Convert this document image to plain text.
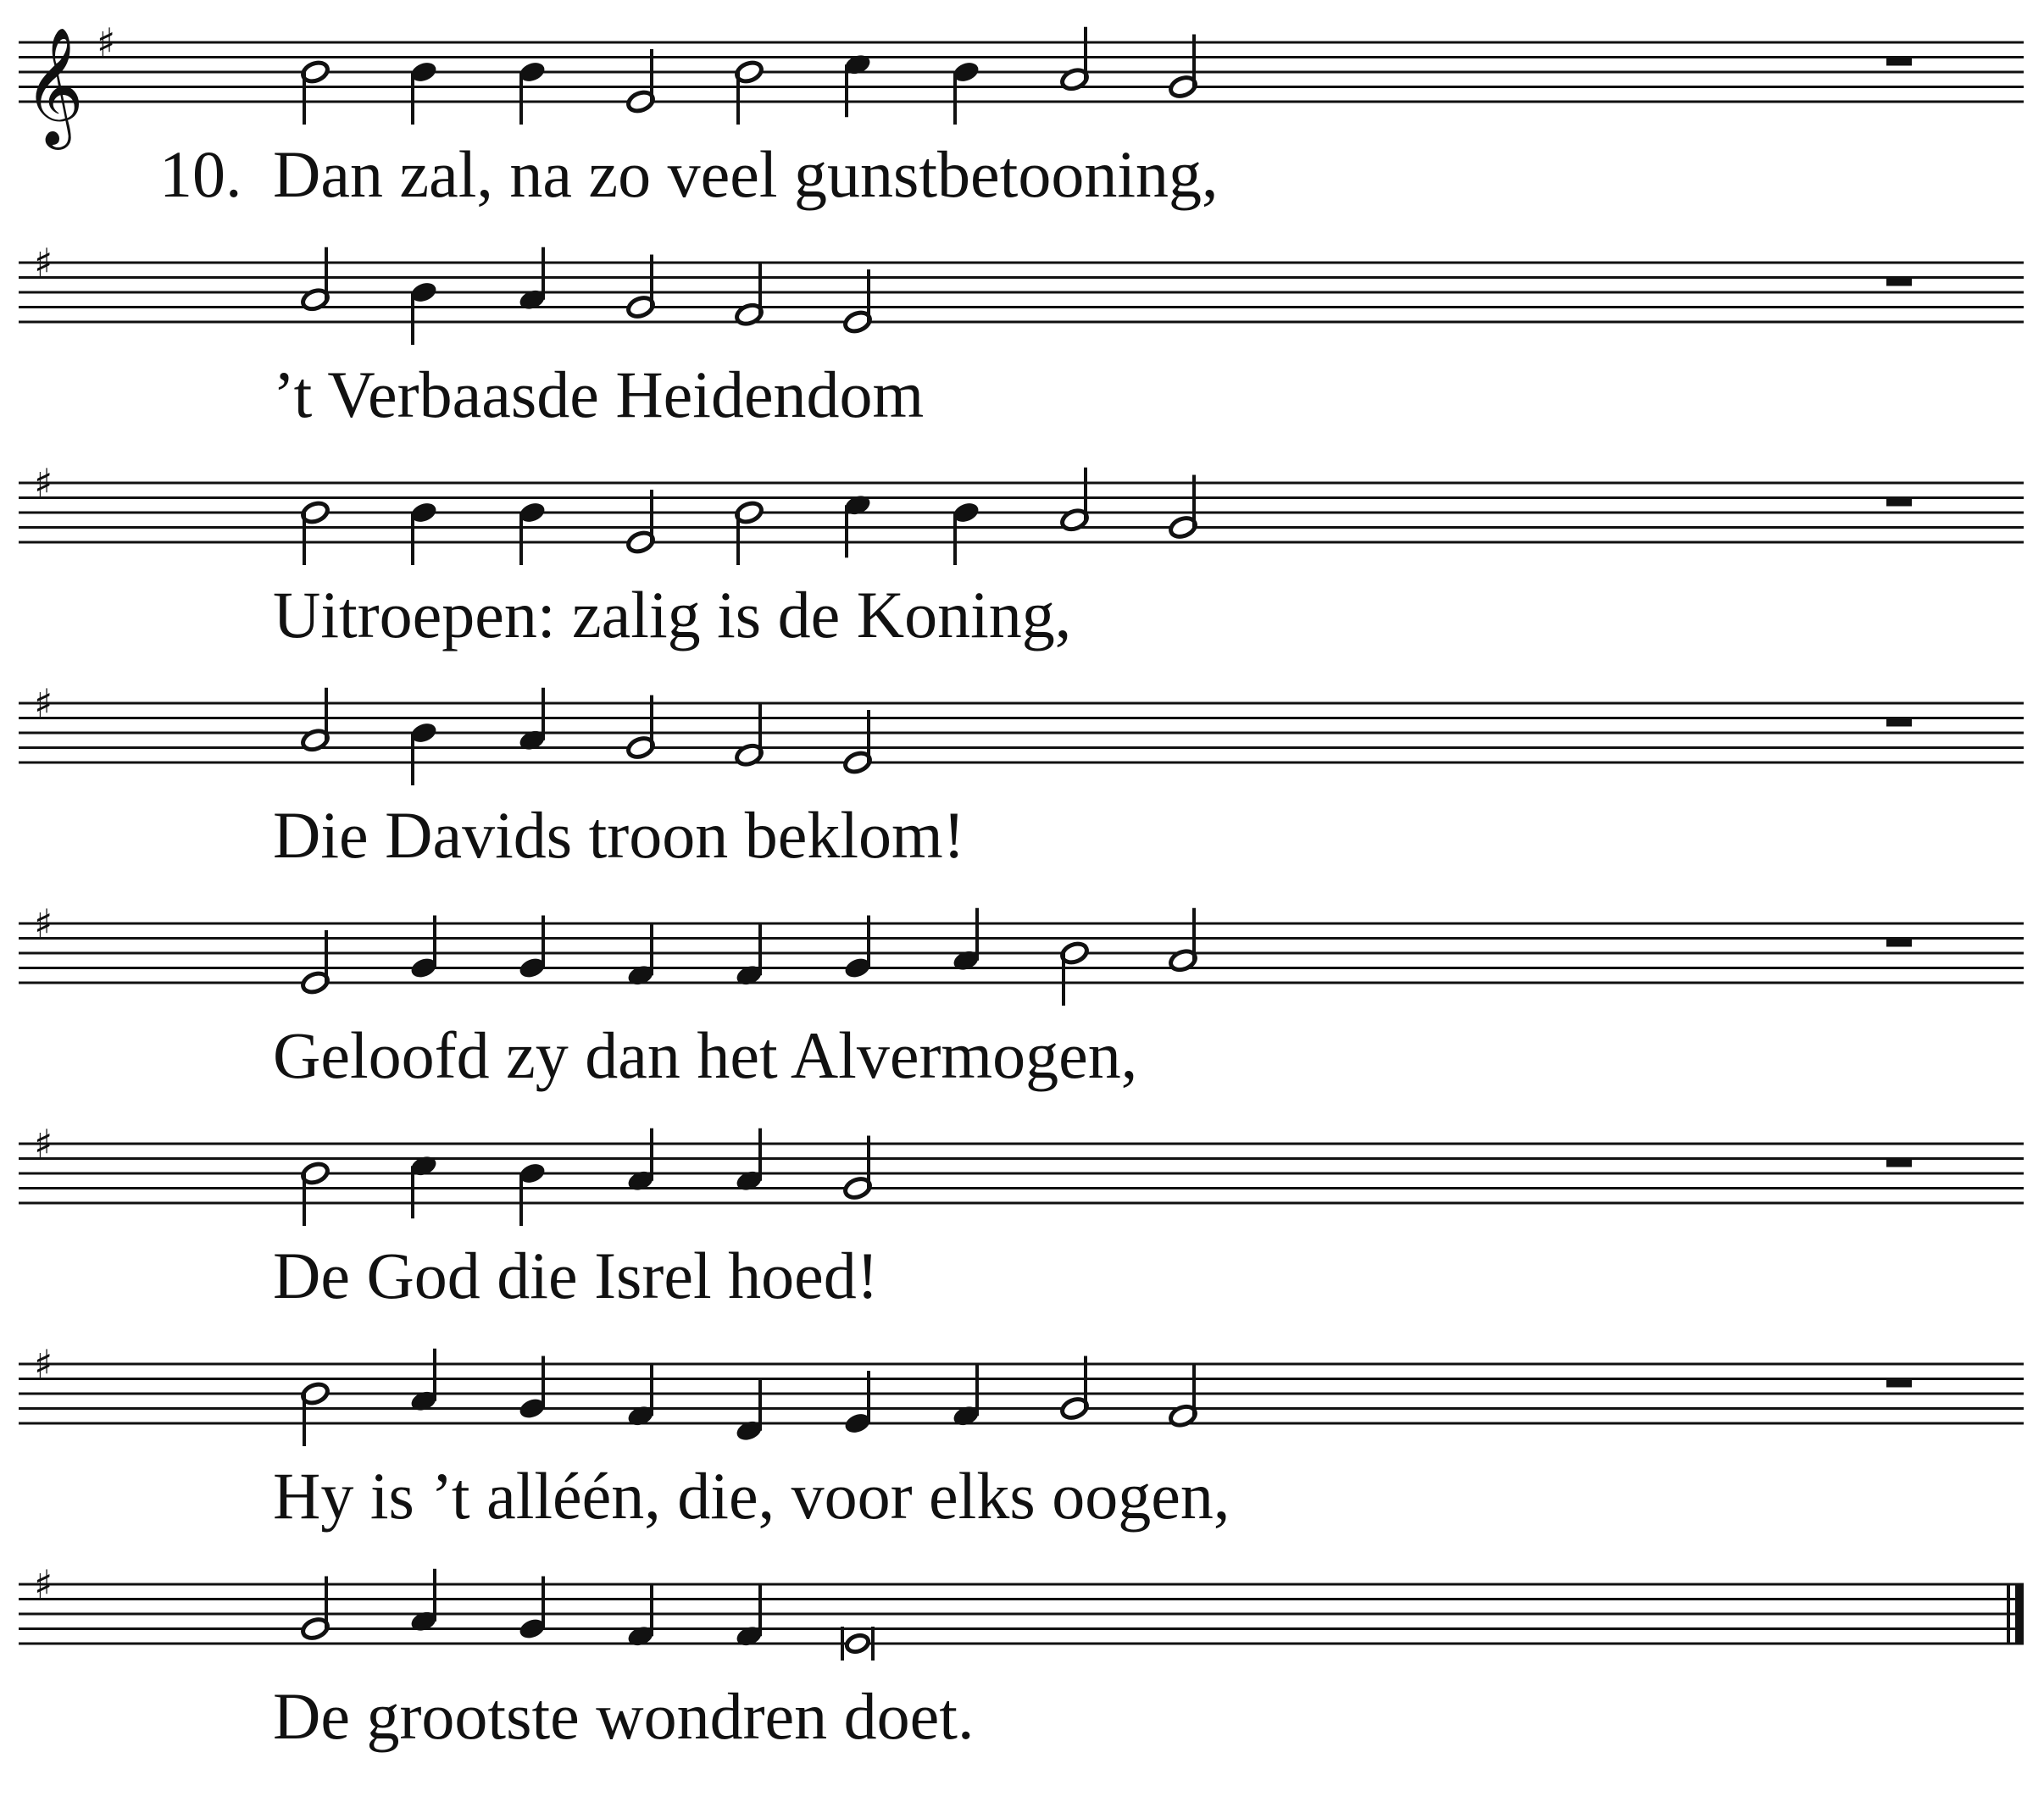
𝄞 ♯
10. Dan zal, na zo veel gunstbetooning,
♯
’t Verbaasde Heidendom
♯
Uitroepen: zalig is de Koning,
♯
Die Davids troon beklom!
♯
Geloofd zy dan het Alvermogen,
♯
De God die Isrel hoed!
♯
Hy is ’t alléén, die, voor elks oogen,
♯
De grootste wondren doet.
